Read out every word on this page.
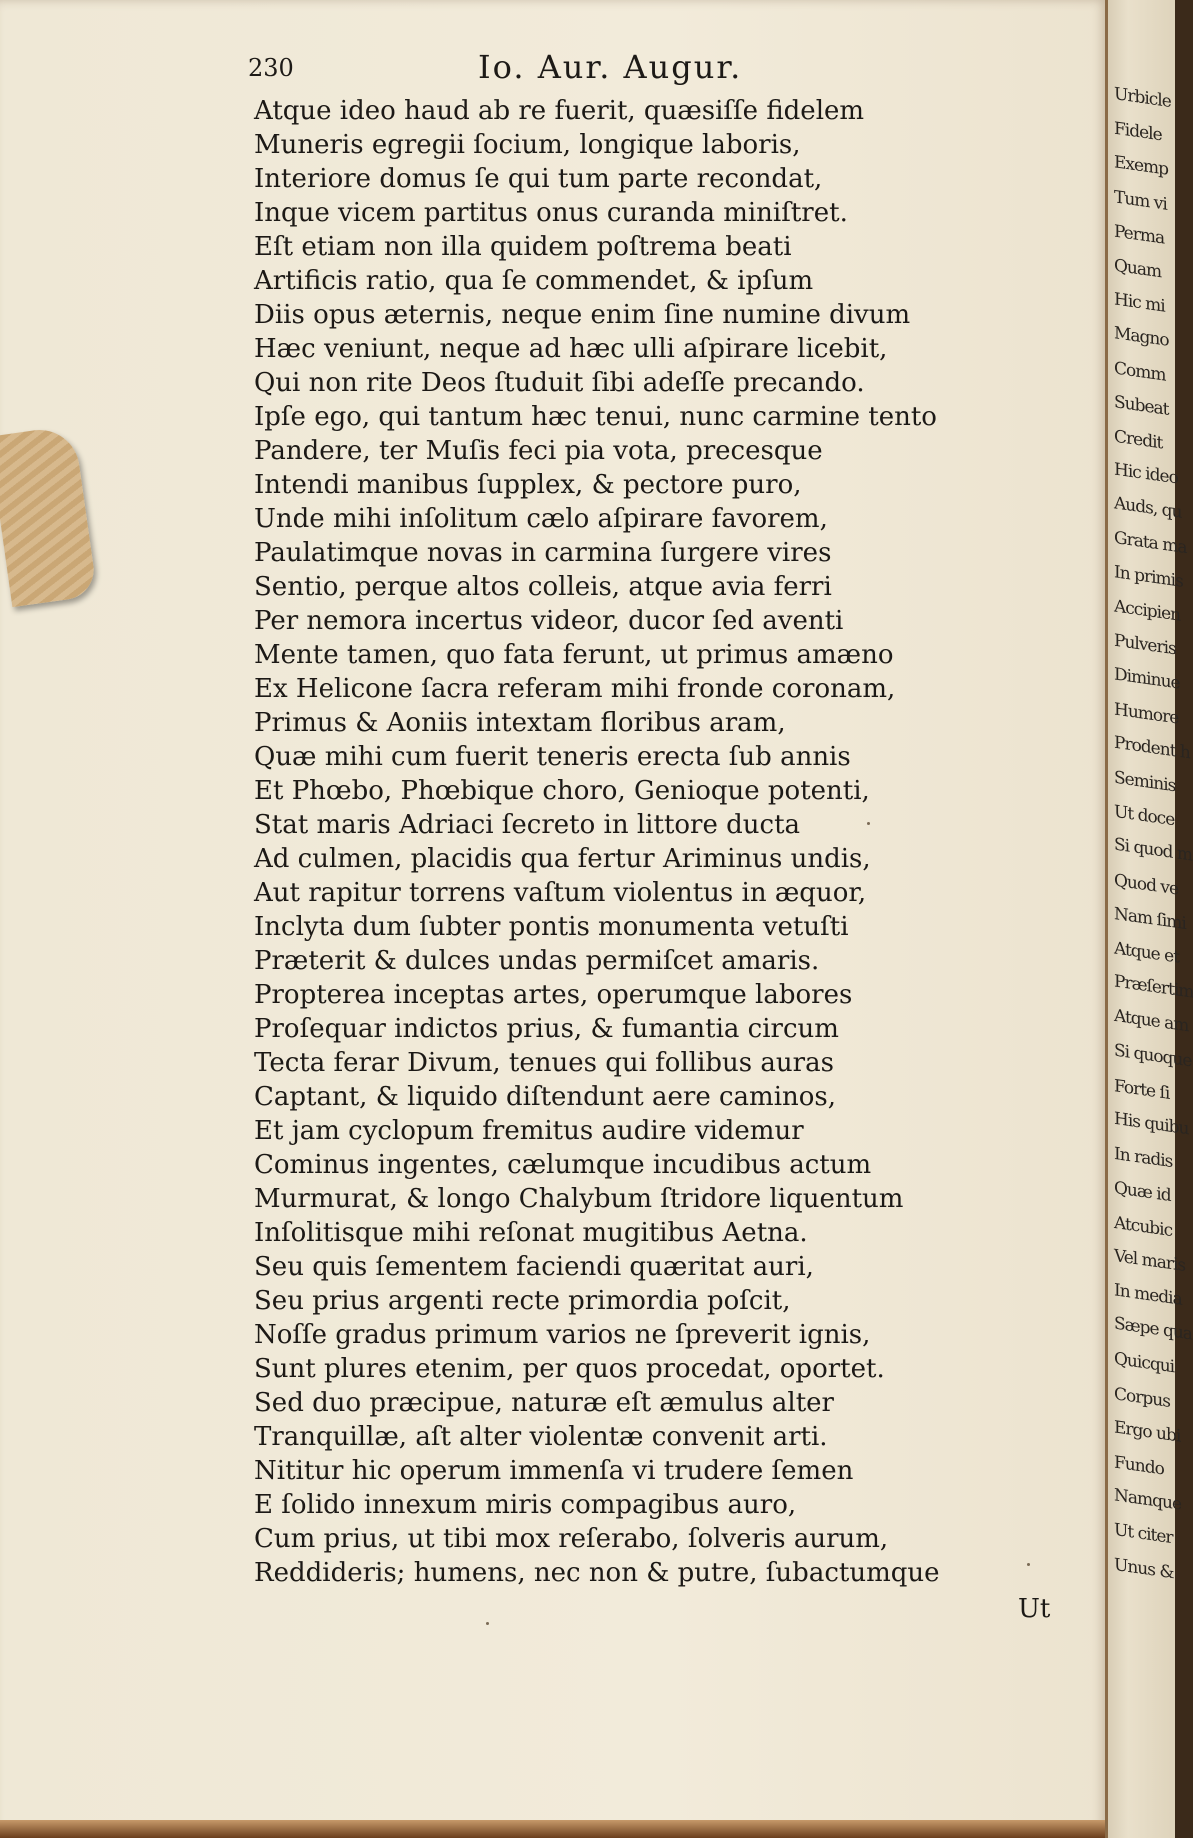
230	Io. Aur. Augur.
Atque ideo haud ab re fuerit, quæsiſſe fidelem
Muneris egregii ſocium, longique laboris,
Interiore domus ſe qui tum parte recondat,
Inque vicem partitus onus curanda miniſtret.
Eſt etiam non illa quidem poſtrema beati
Artificis ratio, qua ſe commendet, & ipſum
Diis opus æternis, neque enim ſine numine divum
Hæc veniunt, neque ad hæc ulli aſpirare licebit,
Qui non rite Deos ſtuduit ſibi adeſſe precando.
Ipſe ego, qui tantum hæc tenui, nunc carmine tento
Pandere, ter Muſis feci pia vota, precesque
Intendi manibus ſupplex, & pectore puro,
Unde mihi inſolitum cælo aſpirare favorem,
Paulatimque novas in carmina ſurgere vires
Sentio, perque altos colleis, atque avia ferri
Per nemora incertus videor, ducor ſed aventi
Mente tamen, quo fata ferunt, ut primus amæno
Ex Helicone ſacra referam mihi fronde coronam,
Primus & Aoniis intextam floribus aram,
Quæ mihi cum fuerit teneris erecta ſub annis
Et Phœbo, Phœbique choro, Genioque potenti,
Stat maris Adriaci ſecreto in littore ducta
Ad culmen, placidis qua fertur Ariminus undis,
Aut rapitur torrens vaſtum violentus in æquor,
Inclyta dum ſubter pontis monumenta vetuſti
Præterit & dulces undas permiſcet amaris.
Propterea inceptas artes, operumque labores
Proſequar indictos prius, & fumantia circum
Tecta ferar Divum, tenues qui follibus auras
Captant, & liquido diſtendunt aere caminos,
Et jam cyclopum fremitus audire videmur
Cominus ingentes, cælumque incudibus actum
Murmurat, & longo Chalybum ſtridore liquentum
Inſolitisque mihi reſonat mugitibus Aetna.
Seu quis ſementem faciendi quæritat auri,
Seu prius argenti recte primordia poſcit,
Noſſe gradus primum varios ne ſpreverit ignis,
Sunt plures etenim, per quos procedat, oportet.
Sed duo præcipue, naturæ eſt æmulus alter
Tranquillæ, aſt alter violentæ convenit arti.
Nititur hic operum immenſa vi trudere ſemen
E ſolido innexum miris compagibus auro,
Cum prius, ut tibi mox reſerabo, ſolveris aurum,
Reddideris; humens, nec non & putre, ſubactumque
Ut
Urbicle
Fidele
Exemp
Tum vi
Perma
Quam
Hic mi
Magno
Comm
Subeat
Credit
Hic ideo
Auds, qu
Grata ma
In primis
Accipien
Pulveris
Diminue
Humore
Prodent h
Seminis
Ut doce
Si quod m
Quod ve
Nam ſimi
Atque et
Præſertim
Atque am
Si quoque
Forte ſi
His quibu
In radis
Quæ id
Atcubic
Vel maris
In media
Sæpe qua
Quicqui
Corpus
Ergo ubi
Fundo
Namque
Ut citer
Unus &
